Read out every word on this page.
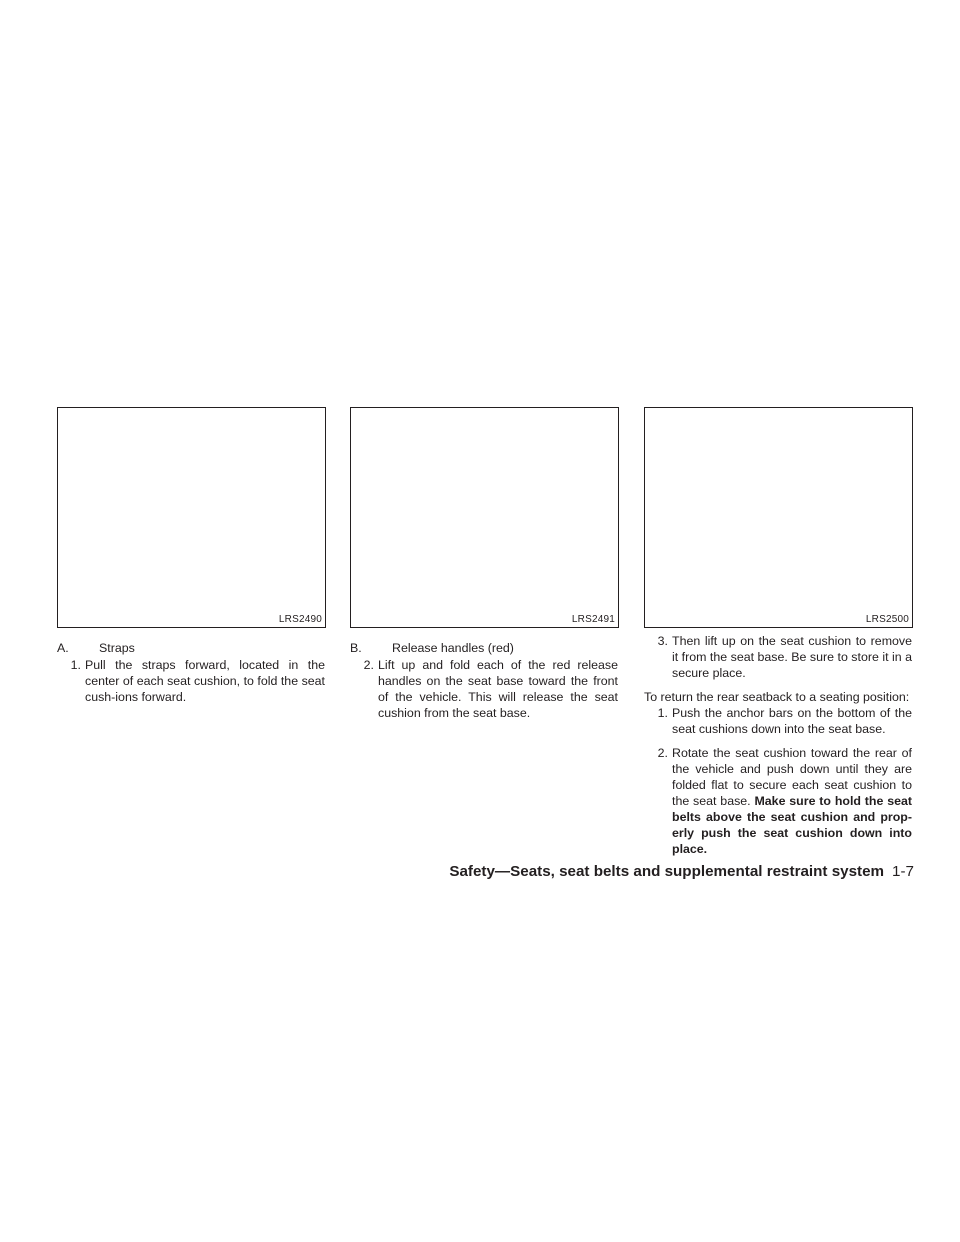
LRS2490	LRS2491	LRS2500
A.	Straps
1. Pull the straps forward, located in the center of each seat cushion, to fold the seat cush-ions forward.
B.	Release handles (red)
2. Lift up and fold each of the red release handles on the seat base toward the front of the vehicle. This will release the seat cushion from the seat base.
3. Then lift up on the seat cushion to remove it from the seat base. Be sure to store it in a secure place.

To return the rear seatback to a seating position:

1. Push the anchor bars on the bottom of the seat cushions down into the seat base.
2. Rotate the seat cushion toward the rear of the vehicle and push down until they are folded flat to secure each seat cushion to the seat base. Make sure to hold the seat belts above the seat cushion and prop-erly push the seat cushion down into place.
Safety—Seats, seat belts and supplemental restraint system 1-7
